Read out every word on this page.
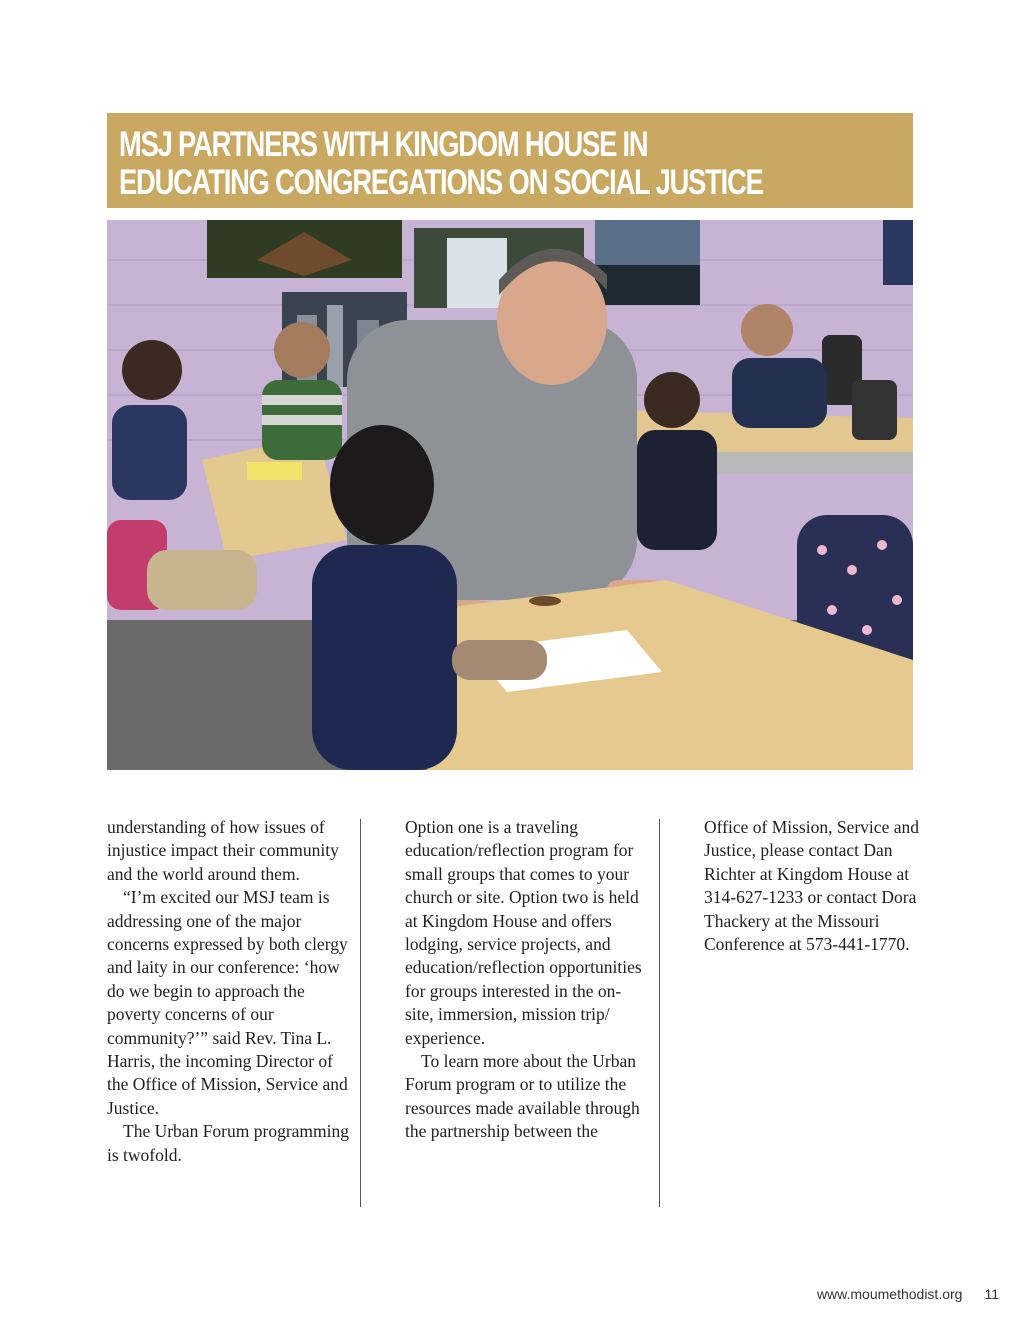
MSJ PARTNERS WITH KINGDOM HOUSE IN
EDUCATING CONGREGATIONS ON SOCIAL JUSTICE

understanding of how issues of injustice impact their community and the world around them.

“I’m excited our MSJ team is addressing one of the major concerns expressed by both clergy and laity in our conference: ‘how do we begin to approach the poverty concerns of our community?’” said Rev. Tina L. Harris, the incoming Director of the Office of Mission, Service and Justice.

The Urban Forum programming is twofold.

Option one is a traveling education/reflection program for small groups that comes to your church or site. Option two is held at Kingdom House and offers lodging, service projects, and education/reflection opportunities for groups interested in the on-site, immersion, mission trip/ experience.

To learn more about the Urban Forum program or to utilize the resources made available through the partnership between the

Office of Mission, Service and Justice, please contact Dan Richter at Kingdom House at 314-627-1233 or contact Dora Thackery at the Missouri Conference at 573-441-1770.

www.moumethodist.org 11
